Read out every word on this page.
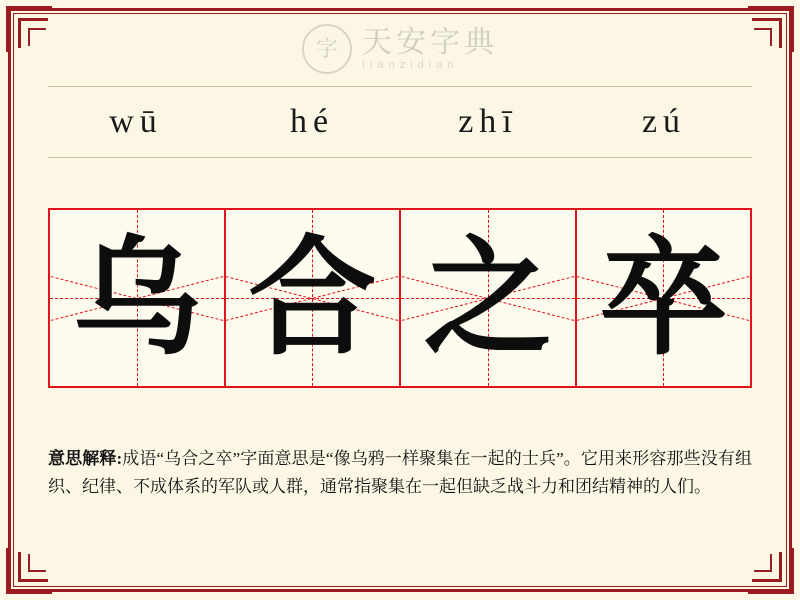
字 天安字典
tianzidian
wū	hé	zhī	zú
乌 合 之 卒
意思解释:成语“乌合之卒”字面意思是“像乌鸦一样聚集在一起的士兵”。它用来形容那些没有组织、纪律、不成体系的军队或人群，通常指聚集在一起但缺乏战斗力和团结精神的人们。
